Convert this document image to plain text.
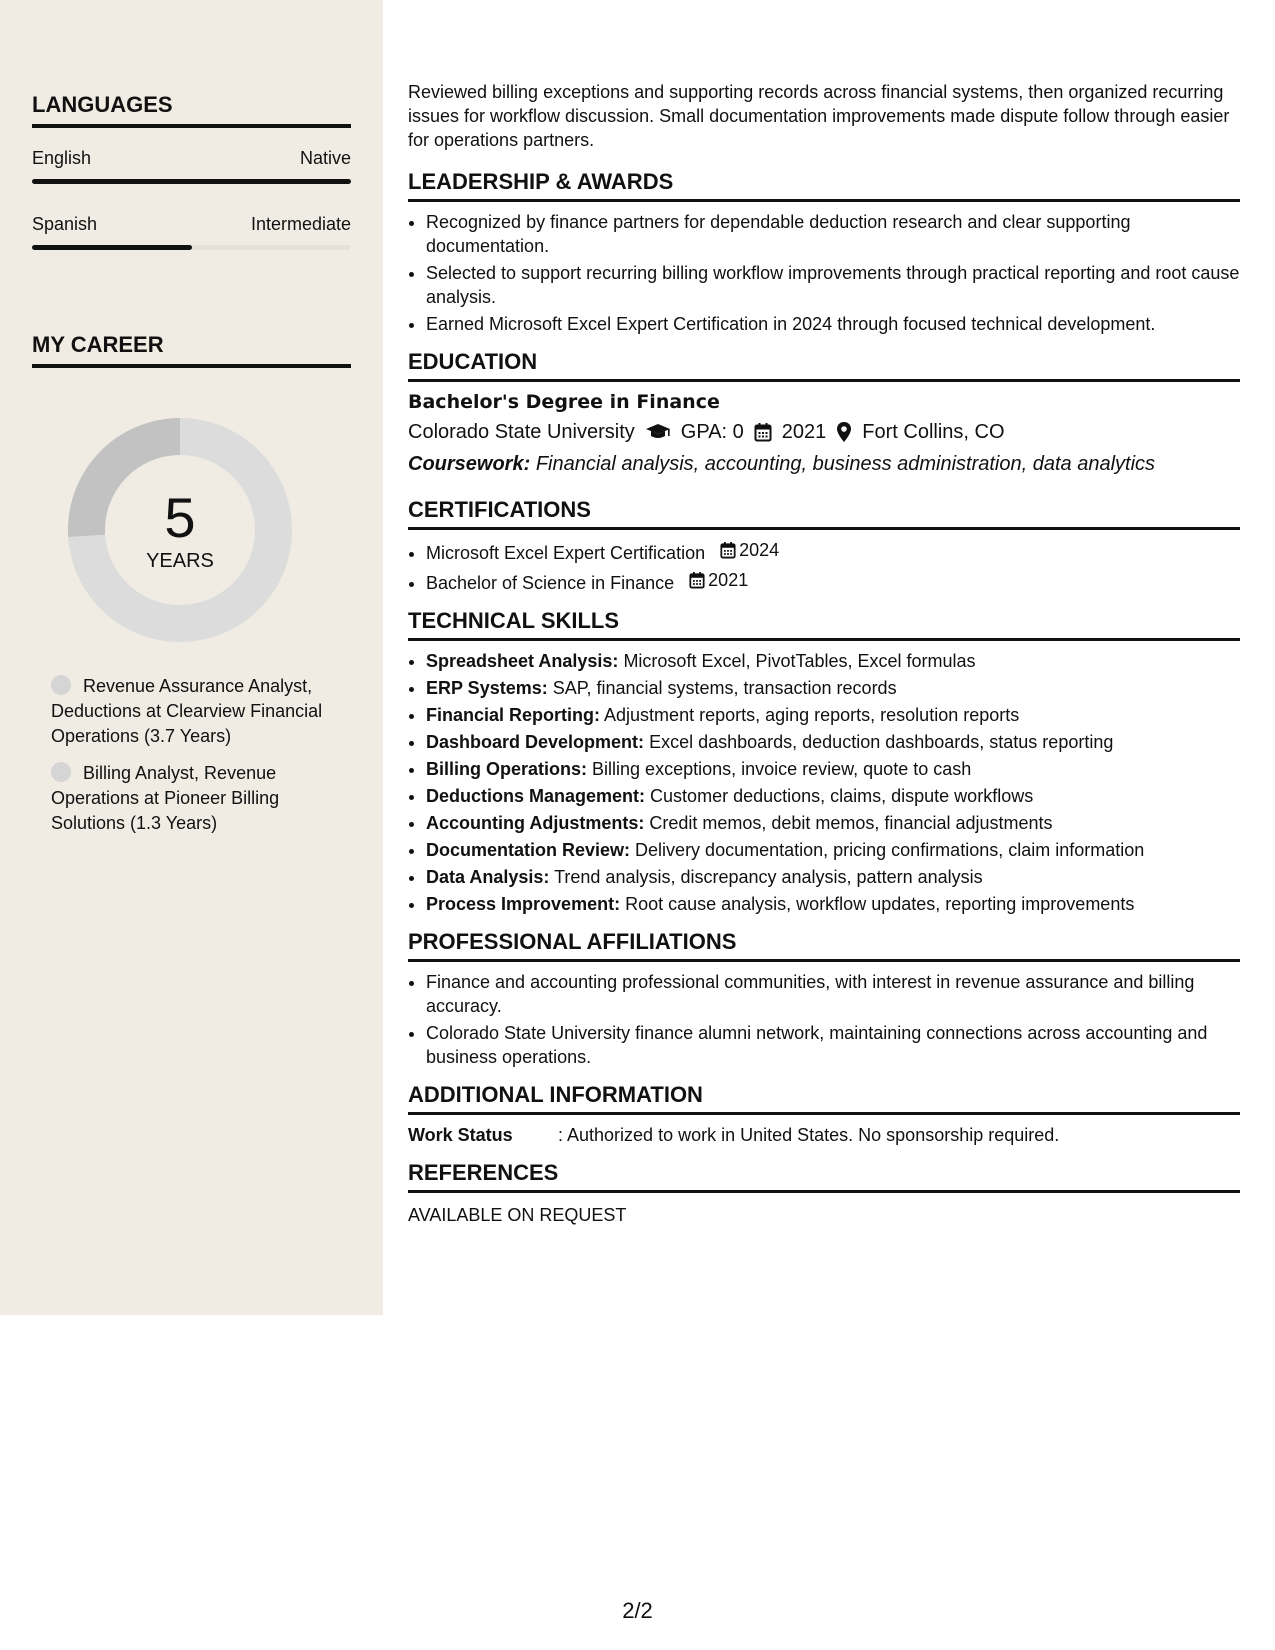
LANGUAGES
English	Native
Spanish	Intermediate
MY CAREER
5
YEARS
Revenue Assurance Analyst, Deductions at Clearview Financial Operations (3.7 Years)
Billing Analyst, Revenue Operations at Pioneer Billing Solutions (1.3 Years)

Reviewed billing exceptions and supporting records across financial systems, then organized recurring issues for workflow discussion. Small documentation improvements made dispute follow through easier for operations partners.

LEADERSHIP & AWARDS
• Recognized by finance partners for dependable deduction research and clear supporting documentation.
• Selected to support recurring billing workflow improvements through practical reporting and root cause analysis.
• Earned Microsoft Excel Expert Certification in 2024 through focused technical development.
EDUCATION
Bachelor's Degree in Finance
Colorado State University GPA: 0 2021 Fort Collins, CO
Coursework: Financial analysis, accounting, business administration, data analytics
CERTIFICATIONS
• Microsoft Excel Expert Certification 2024
• Bachelor of Science in Finance 2021
TECHNICAL SKILLS
• Spreadsheet Analysis: Microsoft Excel, PivotTables, Excel formulas
• ERP Systems: SAP, financial systems, transaction records
• Financial Reporting: Adjustment reports, aging reports, resolution reports
• Dashboard Development: Excel dashboards, deduction dashboards, status reporting
• Billing Operations: Billing exceptions, invoice review, quote to cash
• Deductions Management: Customer deductions, claims, dispute workflows
• Accounting Adjustments: Credit memos, debit memos, financial adjustments
• Documentation Review: Delivery documentation, pricing confirmations, claim information
• Data Analysis: Trend analysis, discrepancy analysis, pattern analysis
• Process Improvement: Root cause analysis, workflow updates, reporting improvements
PROFESSIONAL AFFILIATIONS
• Finance and accounting professional communities, with interest in revenue assurance and billing accuracy.
• Colorado State University finance alumni network, maintaining connections across accounting and business operations.
ADDITIONAL INFORMATION
Work Status	: Authorized to work in United States. No sponsorship required.
REFERENCES
AVAILABLE ON REQUEST
2/2
